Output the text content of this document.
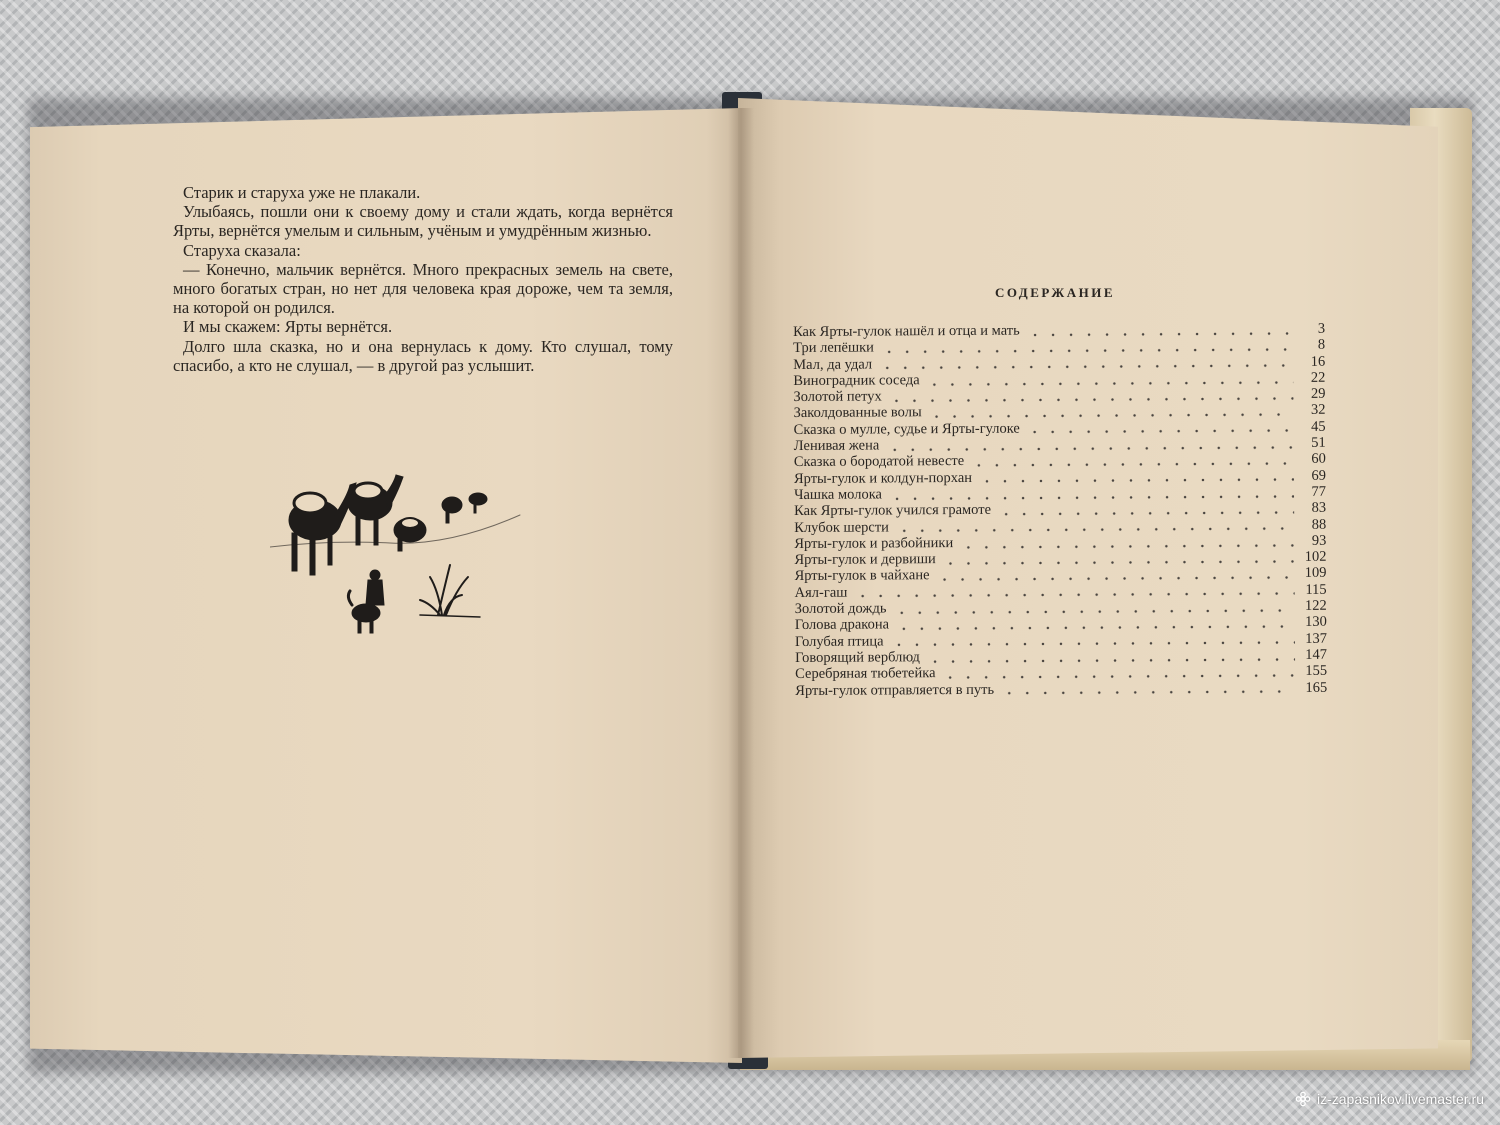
Старик и старуха уже не плакали.

Улыбаясь, пошли они к своему дому и стали ждать, когда вернётся Ярты, вернётся умелым и сильным, учёным и умудрённым жизнью.

Старуха сказала:

— Конечно, мальчик вернётся. Много прекрасных земель на свете, много богатых стран, но нет для человека края дороже, чем та земля, на которой он родился.

И мы скажем: Ярты вернётся.

Долго шла сказка, но и она вернулась к дому. Кто слушал, тому спасибо, а кто не слушал, — в другой раз услышит.

СОДЕРЖАНИЕ
Как Ярты-гулок нашёл и отца и мать	3
Три лепёшки	8
Мал, да удал	16
Виноградник соседа	22
Золотой петух	29
Заколдованные волы	32
Сказка о мулле, судье и Ярты-гулоке	45
Ленивая жена	51
Сказка о бородатой невесте	60
Ярты-гулок и колдун-порхан	69
Чашка молока	77
Как Ярты-гулок учился грамоте	83
Клубок шерсти	88
Ярты-гулок и разбойники	93
Ярты-гулок и дервиши	102
Ярты-гулок в чайхане	109
Аял-гаш	115
Золотой дождь	122
Голова дракона	130
Голубая птица	137
Говорящий верблюд	147
Серебряная тюбетейка	155
Ярты-гулок отправляется в путь	165
iz-zapasnikov.livemaster.ru
